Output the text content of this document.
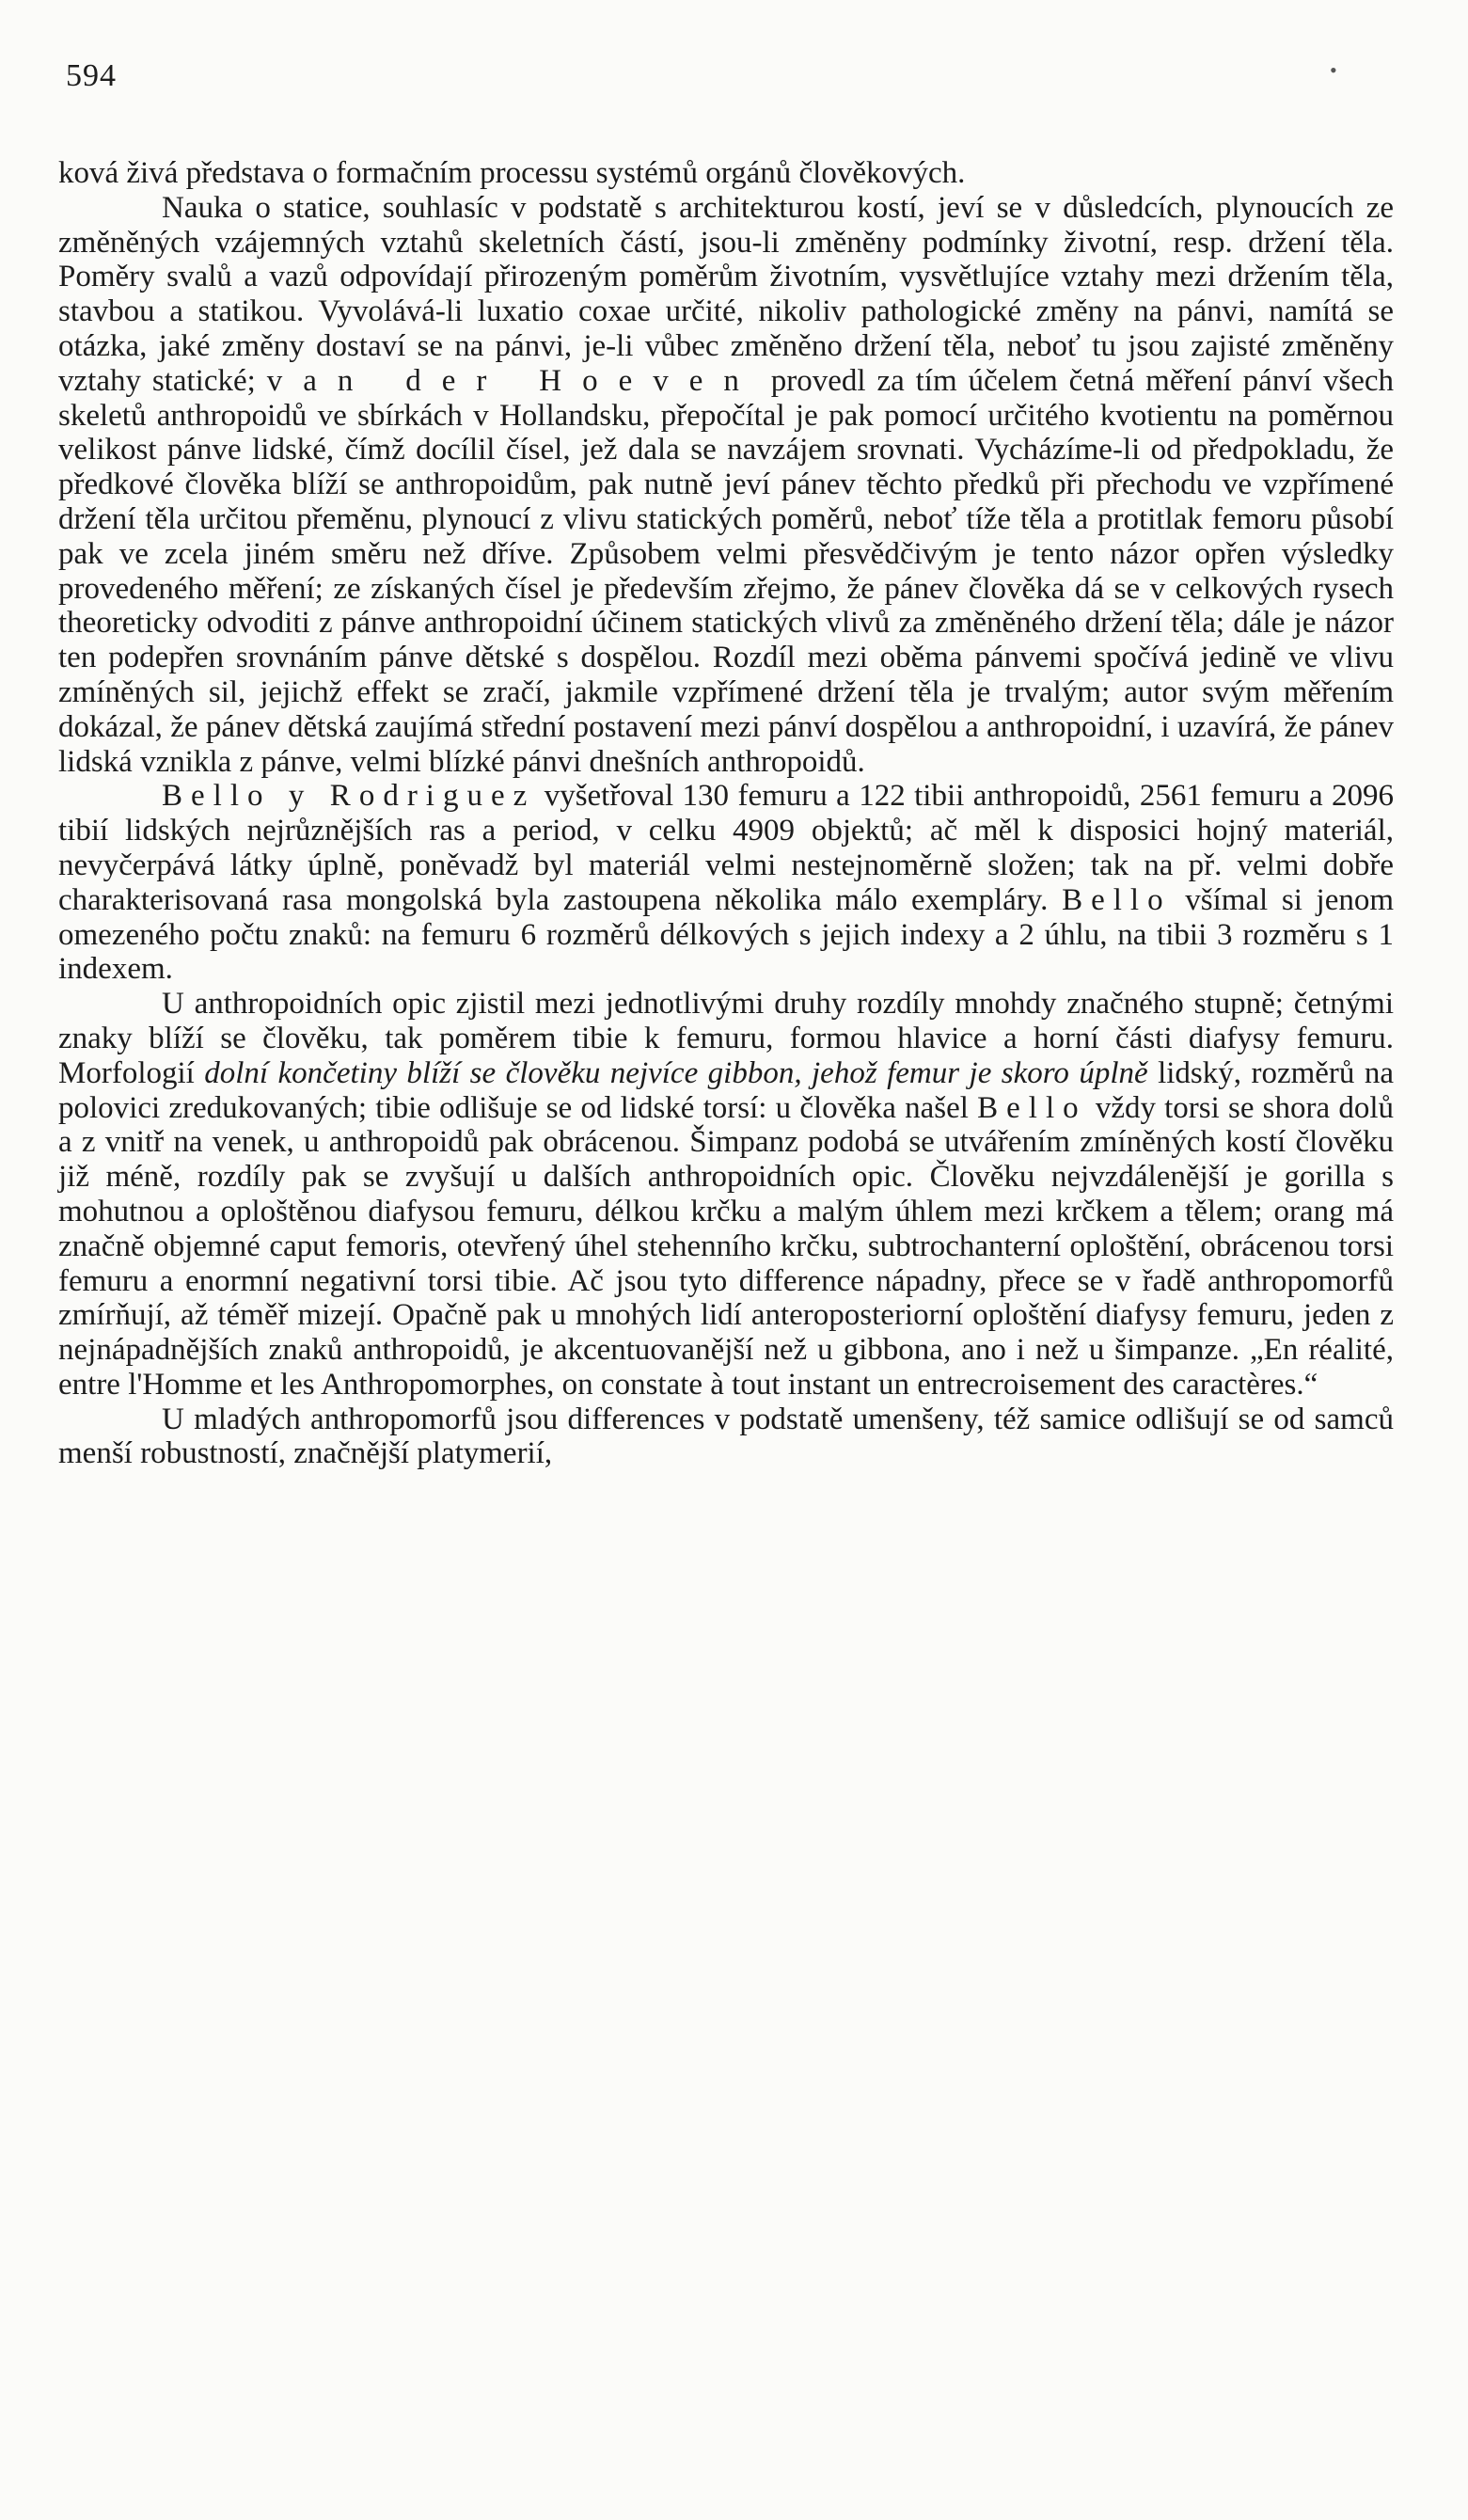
594	•

ková živá představa o formačním processu systémů orgánů člověkových.

Nauka o statice, souhlasíc v podstatě s architekturou kostí, jeví se v důsledcích, plynoucích ze změněných vzájemných vztahů skeletních částí, jsou-li změněny podmínky životní, resp. držení těla. Poměry svalů a vazů odpovídají přirozeným poměrům životním, vysvětlujíce vztahy mezi držením těla, stavbou a statikou. Vyvolává-li luxatio coxae určité, nikoliv pathologické změny na pánvi, namítá se otázka, jaké změny dostaví se na pánvi, je-li vůbec změněno držení těla, neboť tu jsou zajisté změněny vztahy statické; van der Hoeven provedl za tím účelem četná měření pánví všech skeletů anthropoidů ve sbírkách v Hollandsku, přepočítal je pak pomocí určitého kvotientu na poměrnou velikost pánve lidské, čímž docílil čísel, jež dala se navzájem srovnati. Vycházíme-li od předpokladu, že předkové člověka blíží se anthropoidům, pak nutně jeví pánev těchto předků při přechodu ve vzpřímené držení těla určitou přeměnu, plynoucí z vlivu statických poměrů, neboť tíže těla a protitlak femoru působí pak ve zcela jiném směru než dříve. Způsobem velmi přesvědčivým je tento názor opřen výsledky provedeného měření; ze získaných čísel je především zřejmo, že pánev člověka dá se v celkových rysech theoreticky odvoditi z pánve anthropoidní účinem statických vlivů za změněného držení těla; dále je názor ten podepřen srovnáním pánve dětské s dospělou. Rozdíl mezi oběma pánvemi spočívá jedině ve vlivu zmíněných sil, jejichž effekt se zračí, jakmile vzpřímené držení těla je trvalým; autor svým měřením dokázal, že pánev dětská zaujímá střední postavení mezi pánví dospělou a anthropoidní, i uzavírá, že pánev lidská vznikla z pánve, velmi blízké pánvi dnešních anthropoidů.

Bello y Rodriguez vyšetřoval 130 femuru a 122 tibii anthropoidů, 2561 femuru a 2096 tibií lidských nejrůznějších ras a period, v celku 4909 objektů; ač měl k disposici hojný materiál, nevyčerpává látky úplně, poněvadž byl materiál velmi nestejnoměrně složen; tak na př. velmi dobře charakterisovaná rasa mongolská byla zastoupena několika málo exempláry. Bello všímal si jenom omezeného počtu znaků: na femuru 6 rozměrů délkových s jejich indexy a 2 úhlu, na tibii 3 rozměru s 1 indexem.

U anthropoidních opic zjistil mezi jednotlivými druhy rozdíly mnohdy značného stupně; četnými znaky blíží se člověku, tak poměrem tibie k femuru, formou hlavice a horní části diafysy femuru. Morfologií dolní končetiny blíží se člověku nejvíce gibbon, jehož femur je skoro úplně lidský, rozměrů na polovici zredukovaných; tibie odlišuje se od lidské torsí: u člověka našel Bello vždy torsi se shora dolů a z vnitř na venek, u anthropoidů pak obrácenou. Šimpanz podobá se utvářením zmíněných kostí člověku již méně, rozdíly pak se zvyšují u dalších anthropoidních opic. Člověku nejvzdálenější je gorilla s mohutnou a oploštěnou diafysou femuru, délkou krčku a malým úhlem mezi krčkem a tělem; orang má značně objemné caput femoris, otevřený úhel stehenního krčku, subtrochanterní oploštění, obrácenou torsi femuru a enormní negativní torsi tibie. Ač jsou tyto difference nápadny, přece se v řadě anthropomorfů zmírňují, až téměř mizejí. Opačně pak u mnohých lidí anteroposteriorní oploštění diafysy femuru, jeden z nejnápadnějších znaků anthropoidů, je akcentuovanější než u gibbona, ano i než u šimpanze. „En réalité, entre l'Homme et les Anthropomorphes, on constate à tout instant un entrecroisement des caractères.“

U mladých anthropomorfů jsou differences v podstatě umenšeny, též samice odlišují se od samců menší robustností, značnější platymerií,
